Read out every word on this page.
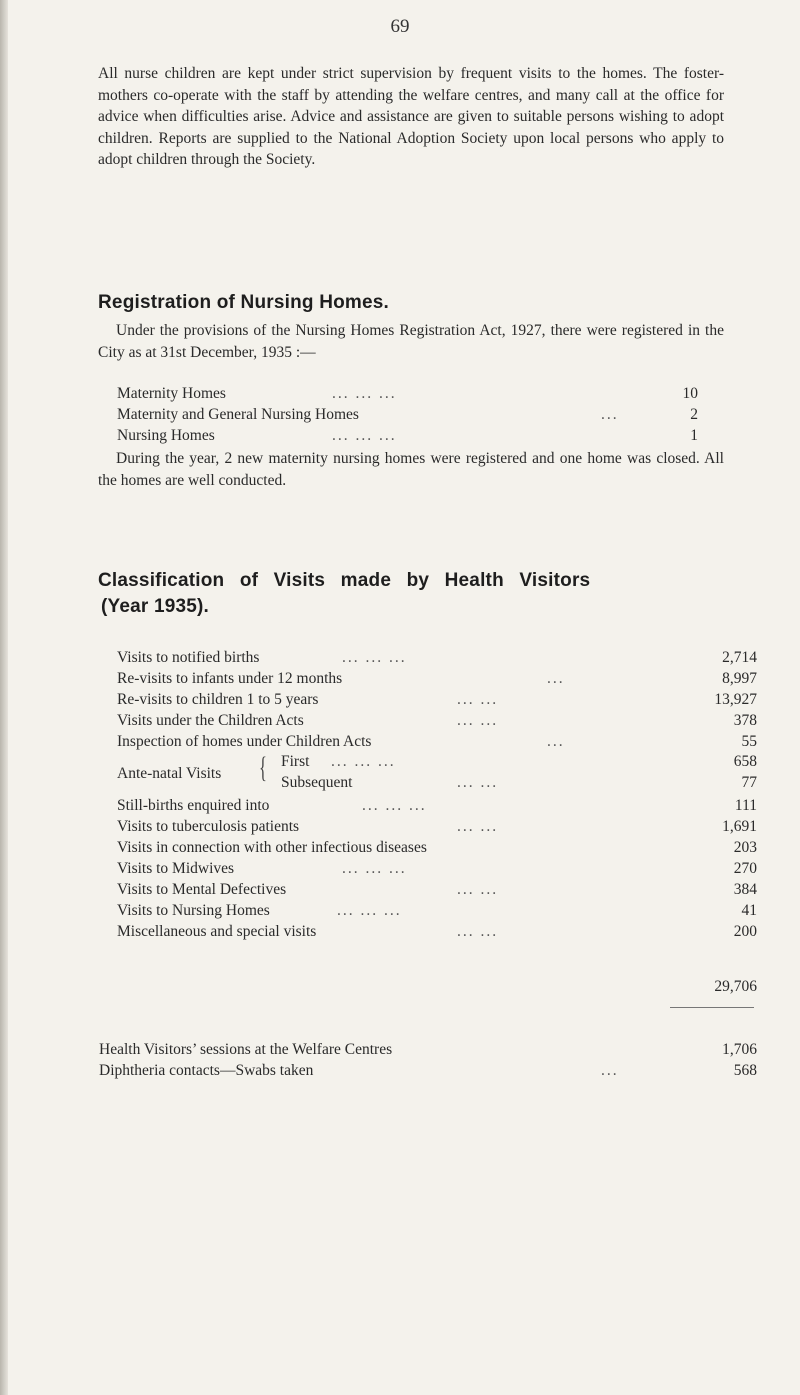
69

All nurse children are kept under strict supervision by frequent visits to the homes. The foster-mothers co-operate with the staff by attending the welfare centres, and many call at the office for advice when difficulties arise. Advice and assistance are given to suitable persons wishing to adopt children. Reports are supplied to the National Adoption Society upon local persons who apply to adopt children through the Society.

Registration of Nursing Homes.

Under the provisions of the Nursing Homes Registration Act, 1927, there were registered in the City as at 31st December, 1935 :—

Maternity Homes	... ... ...	10
Maternity and General Nursing Homes	...	2
Nursing Homes	... ... ...	1

During the year, 2 new maternity nursing homes were registered and one home was closed. All the homes are well conducted.

Classification of Visits made by Health Visitors
(Year 1935).
Visits to notified births	... ... ...	2,714
Re-visits to infants under 12 months	...	8,997
Re-visits to children 1 to 5 years	... ...	13,927
Visits under the Children Acts	... ...	378
Inspection of homes under Children Acts	...	55
Ante-natal Visits { First ... ... ...	658
Subsequent	... ...	77
Still-births enquired into	... ... ...	111
Visits to tuberculosis patients	... ...	1,691
Visits in connection with other infectious diseases	203
Visits to Midwives	... ... ...	270
Visits to Mental Defectives	... ...	384
Visits to Nursing Homes	... ... ...	41
Miscellaneous and special visits	... ...	200
29,706
Health Visitors’ sessions at the Welfare Centres	1,706
Diphtheria contacts—Swabs taken	...	568
